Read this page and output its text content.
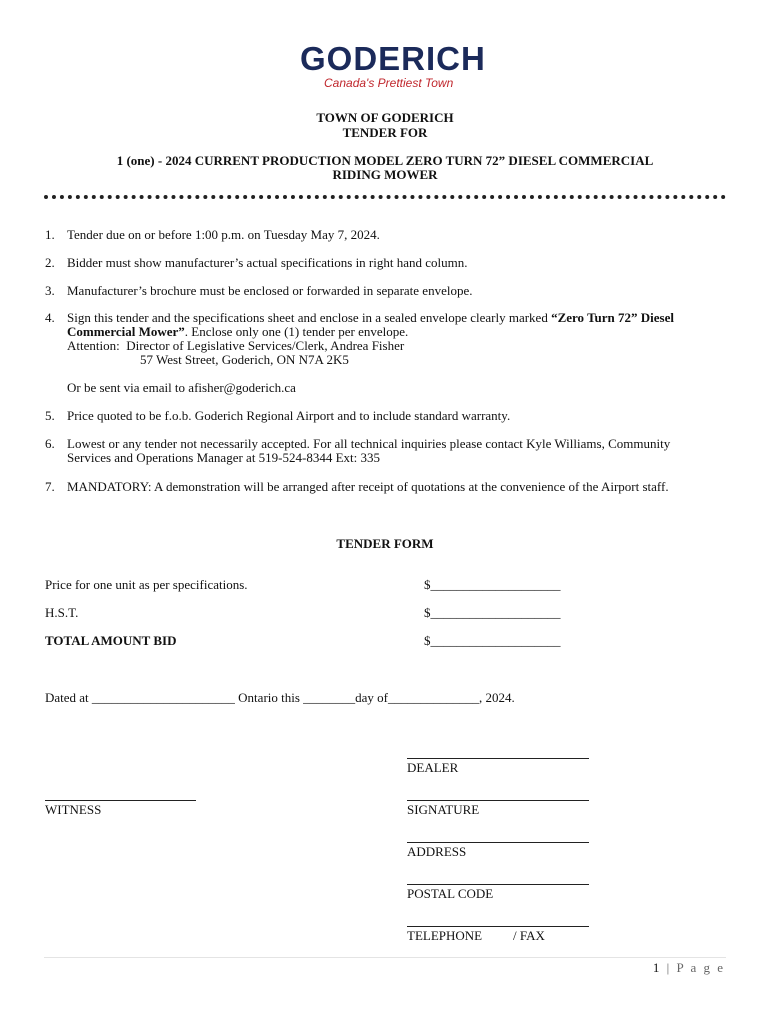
GODERICH
Canada's Prettiest Town
TOWN OF GODERICH
TENDER FOR
1 (one) - 2024 CURRENT PRODUCTION MODEL ZERO TURN 72” DIESEL COMMERCIAL
RIDING MOWER
1. Tender due on or before 1:00 p.m. on Tuesday May 7, 2024.
2. Bidder must show manufacturer’s actual specifications in right hand column.
3. Manufacturer’s brochure must be enclosed or forwarded in separate envelope.
4. Sign this tender and the specifications sheet and enclose in a sealed envelope clearly marked “Zero Turn 72” Diesel Commercial Mower”. Enclose only one (1) tender per envelope.
Attention: Director of Legislative Services/Clerk, Andrea Fisher
57 West Street, Goderich, ON N7A 2K5
Or be sent via email to afisher@goderich.ca
5. Price quoted to be f.o.b. Goderich Regional Airport and to include standard warranty.
6. Lowest or any tender not necessarily accepted. For all technical inquiries please contact Kyle Williams, Community Services and Operations Manager at 519-524-8344 Ext: 335
7. MANDATORY: A demonstration will be arranged after receipt of quotations at the convenience of the Airport staff.
TENDER FORM
Price for one unit as per specifications.	$____________________
H.S.T.	$____________________
TOTAL AMOUNT BID	$____________________
Dated at ______________________ Ontario this ________day of______________, 2024.
DEALER
WITNESS	SIGNATURE
ADDRESS
POSTAL CODE
TELEPHONE / FAX
1 | P a g e
